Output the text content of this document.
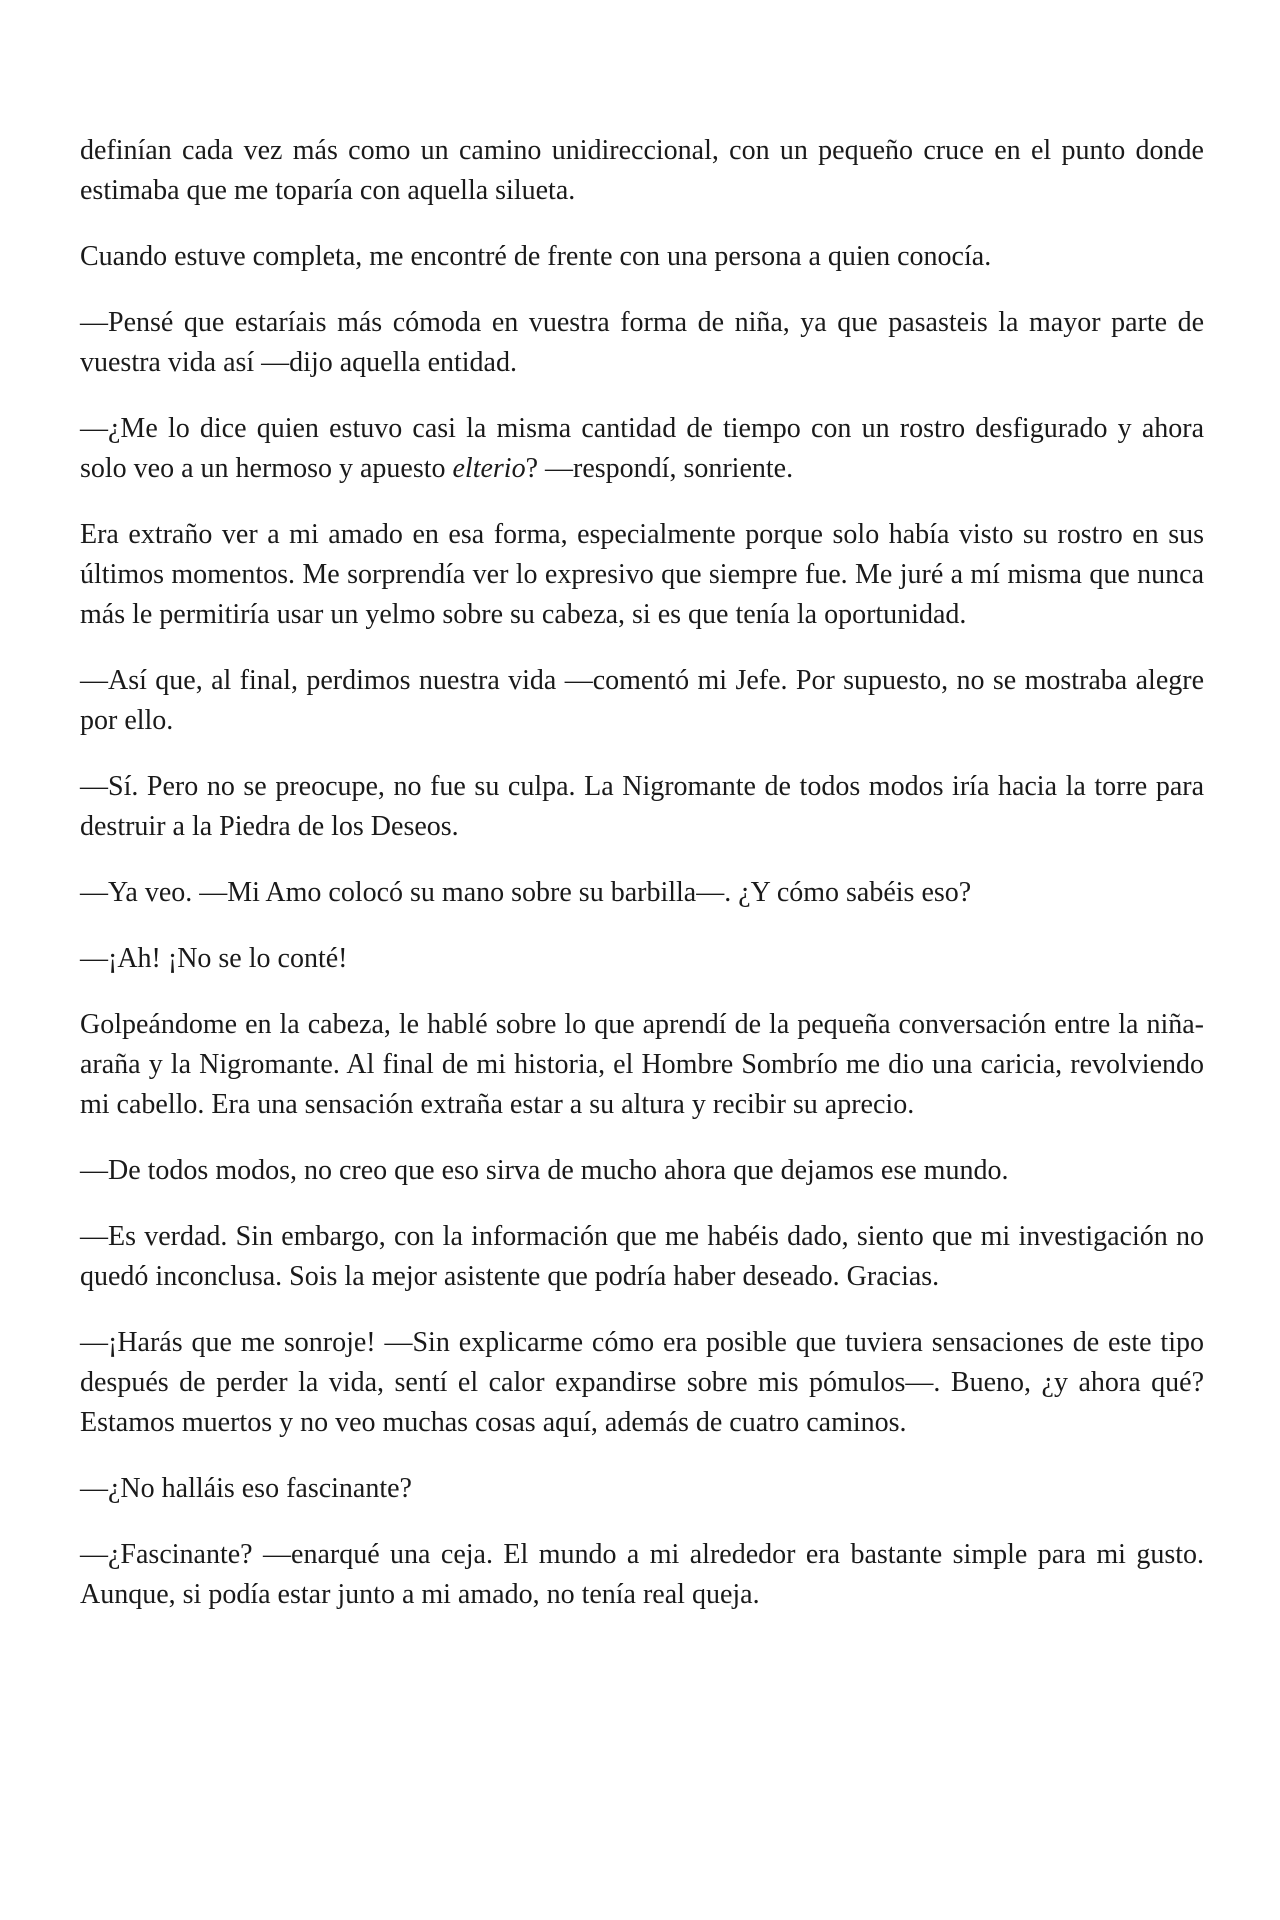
definían cada vez más como un camino unidireccional, con un pequeño cruce en el punto donde estimaba que me toparía con aquella silueta.

Cuando estuve completa, me encontré de frente con una persona a quien conocía.

—Pensé que estaríais más cómoda en vuestra forma de niña, ya que pasasteis la mayor parte de vuestra vida así —dijo aquella entidad.

—¿Me lo dice quien estuvo casi la misma cantidad de tiempo con un rostro desfigurado y ahora solo veo a un hermoso y apuesto elterio? —respondí, sonriente.

Era extraño ver a mi amado en esa forma, especialmente porque solo había visto su rostro en sus últimos momentos. Me sorprendía ver lo expresivo que siempre fue. Me juré a mí misma que nunca más le permitiría usar un yelmo sobre su cabeza, si es que tenía la oportunidad.

—Así que, al final, perdimos nuestra vida —comentó mi Jefe. Por supuesto, no se mostraba alegre por ello.

—Sí. Pero no se preocupe, no fue su culpa. La Nigromante de todos modos iría hacia la torre para destruir a la Piedra de los Deseos.

—Ya veo. —Mi Amo colocó su mano sobre su barbilla—. ¿Y cómo sabéis eso?

—¡Ah! ¡No se lo conté!

Golpeándome en la cabeza, le hablé sobre lo que aprendí de la pequeña conversación entre la niña-araña y la Nigromante. Al final de mi historia, el Hombre Sombrío me dio una caricia, revolviendo mi cabello. Era una sensación extraña estar a su altura y recibir su aprecio.

—De todos modos, no creo que eso sirva de mucho ahora que dejamos ese mundo.

—Es verdad. Sin embargo, con la información que me habéis dado, siento que mi investigación no quedó inconclusa. Sois la mejor asistente que podría haber deseado. Gracias.

—¡Harás que me sonroje! —Sin explicarme cómo era posible que tuviera sensaciones de este tipo después de perder la vida, sentí el calor expandirse sobre mis pómulos—. Bueno, ¿y ahora qué? Estamos muertos y no veo muchas cosas aquí, además de cuatro caminos.

—¿No halláis eso fascinante?

—¿Fascinante? —enarqué una ceja. El mundo a mi alrededor era bastante simple para mi gusto. Aunque, si podía estar junto a mi amado, no tenía real queja.
